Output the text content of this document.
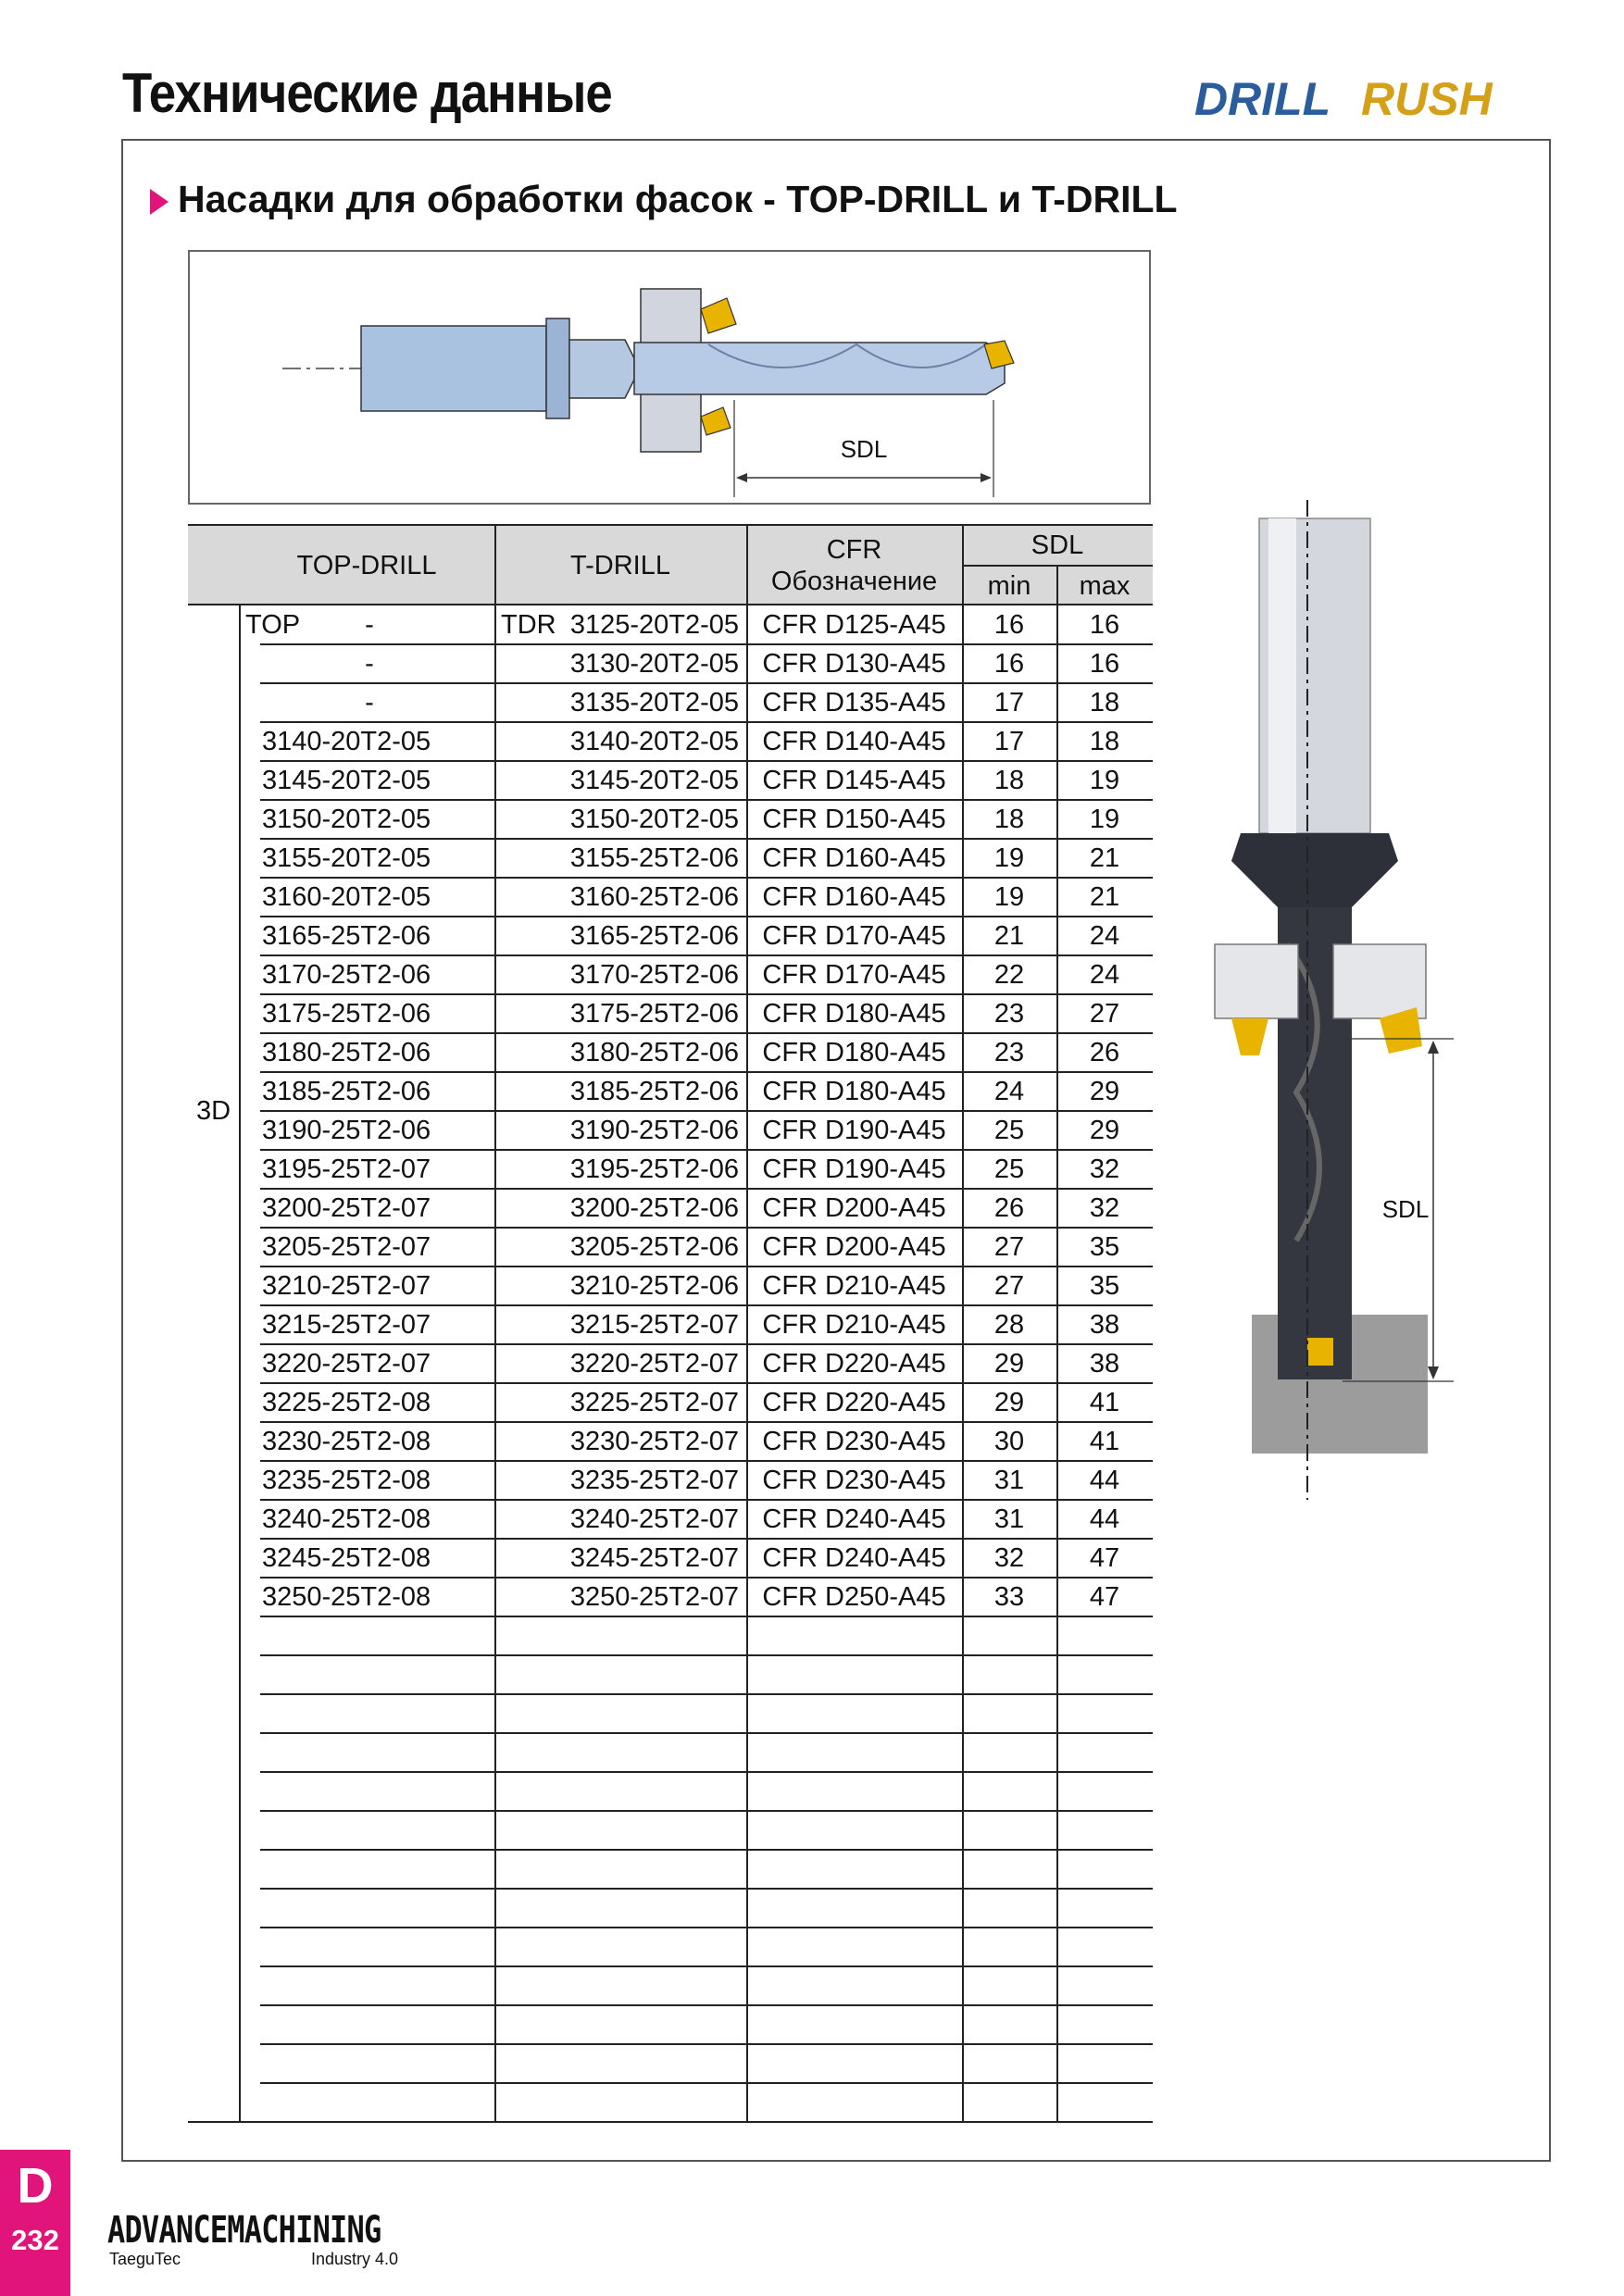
Технические данные	DRILL RUSH
Насадки для обработки фасок - TOP-DRILL и T-DRILL
SDL
TOP-DRILL	T-DRILL
CFR
Обозначение
SDL
min	max
TOP	TDR
3D
-	3125-20T2-05 CFR D125-A45	16	16
-	3130-20T2-05 CFR D130-A45	16	16
-	3135-20T2-05 CFR D135-A45	17	18
3140-20T2-05	3140-20T2-05 CFR D140-A45	17	18
3145-20T2-05	3145-20T2-05 CFR D145-A45	18	19
3150-20T2-05	3150-20T2-05 CFR D150-A45	18	19
3155-20T2-05	3155-25T2-06 CFR D160-A45	19	21
3160-20T2-05	3160-25T2-06 CFR D160-A45	19	21
3165-25T2-06	3165-25T2-06 CFR D170-A45	21	24
3170-25T2-06	3170-25T2-06 CFR D170-A45	22	24
3175-25T2-06	3175-25T2-06 CFR D180-A45	23	27
3180-25T2-06	3180-25T2-06 CFR D180-A45	23	26
3185-25T2-06	3185-25T2-06 CFR D180-A45	24	29
3190-25T2-06	3190-25T2-06 CFR D190-A45	25	29
3195-25T2-07	3195-25T2-06 CFR D190-A45	25	32
3200-25T2-07	3200-25T2-06 CFR D200-A45	26	32
3205-25T2-07	3205-25T2-06 CFR D200-A45	27	35
3210-25T2-07	3210-25T2-06 CFR D210-A45	27	35
3215-25T2-07	3215-25T2-07 CFR D210-A45	28	38
3220-25T2-07	3220-25T2-07 CFR D220-A45	29	38
3225-25T2-08	3225-25T2-07 CFR D220-A45	29	41
3230-25T2-08	3230-25T2-07 CFR D230-A45	30	41
3235-25T2-08	3235-25T2-07 CFR D230-A45	31	44
3240-25T2-08	3240-25T2-07 CFR D240-A45	31	44
3245-25T2-08	3245-25T2-07 CFR D240-A45	32	47
3250-25T2-08	3250-25T2-07 CFR D250-A45	33	47
SDL
D
232	ADVANCEMACHINING
TaeguTec	Industry 4.0
